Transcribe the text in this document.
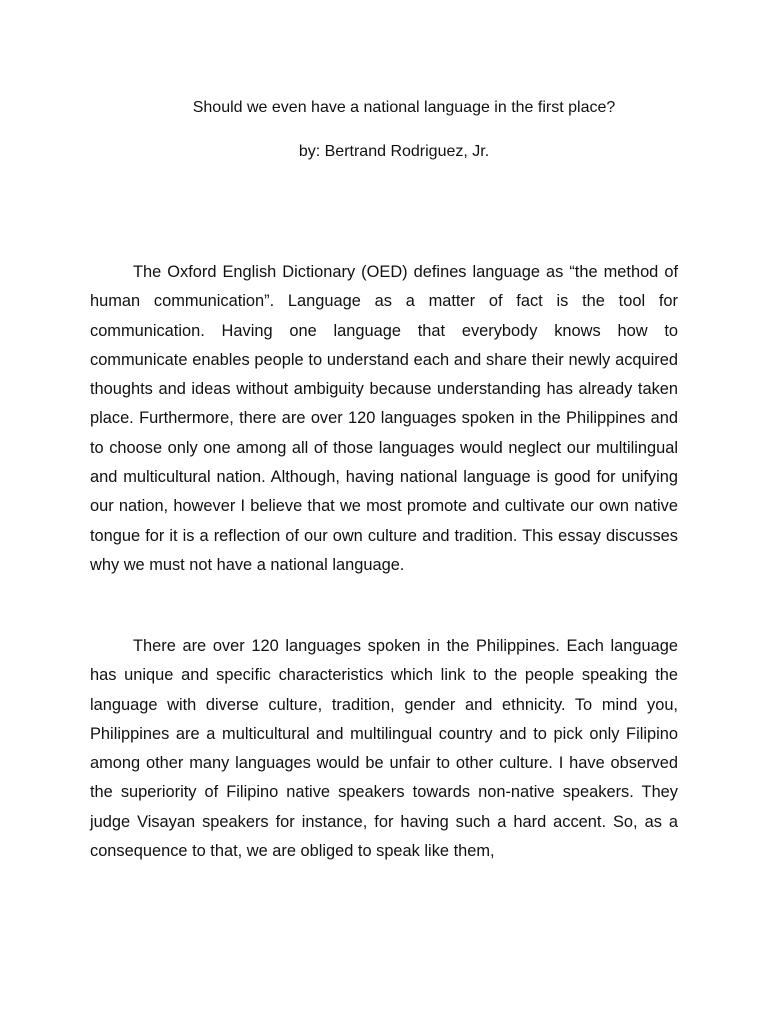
Should we even have a national language in the first place?

by: Bertrand Rodriguez, Jr.

The Oxford English Dictionary (OED) defines language as “the method of human communication”. Language as a matter of fact is the tool for communication. Having one language that everybody knows how to communicate enables people to understand each and share their newly acquired thoughts and ideas without ambiguity because understanding has already taken place. Furthermore, there are over 120 languages spoken in the Philippines and to choose only one among all of those languages would neglect our multilingual and multicultural nation. Although, having national language is good for unifying our nation, however I believe that we most promote and cultivate our own native tongue for it is a reflection of our own culture and tradition. This essay discusses why we must not have a national language.

There are over 120 languages spoken in the Philippines. Each language has unique and specific characteristics which link to the people speaking the language with diverse culture, tradition, gender and ethnicity. To mind you, Philippines are a multicultural and multilingual country and to pick only Filipino among other many languages would be unfair to other culture. I have observed the superiority of Filipino native speakers towards non-native speakers. They judge Visayan speakers for instance, for having such a hard accent. So, as a consequence to that, we are obliged to speak like them,
